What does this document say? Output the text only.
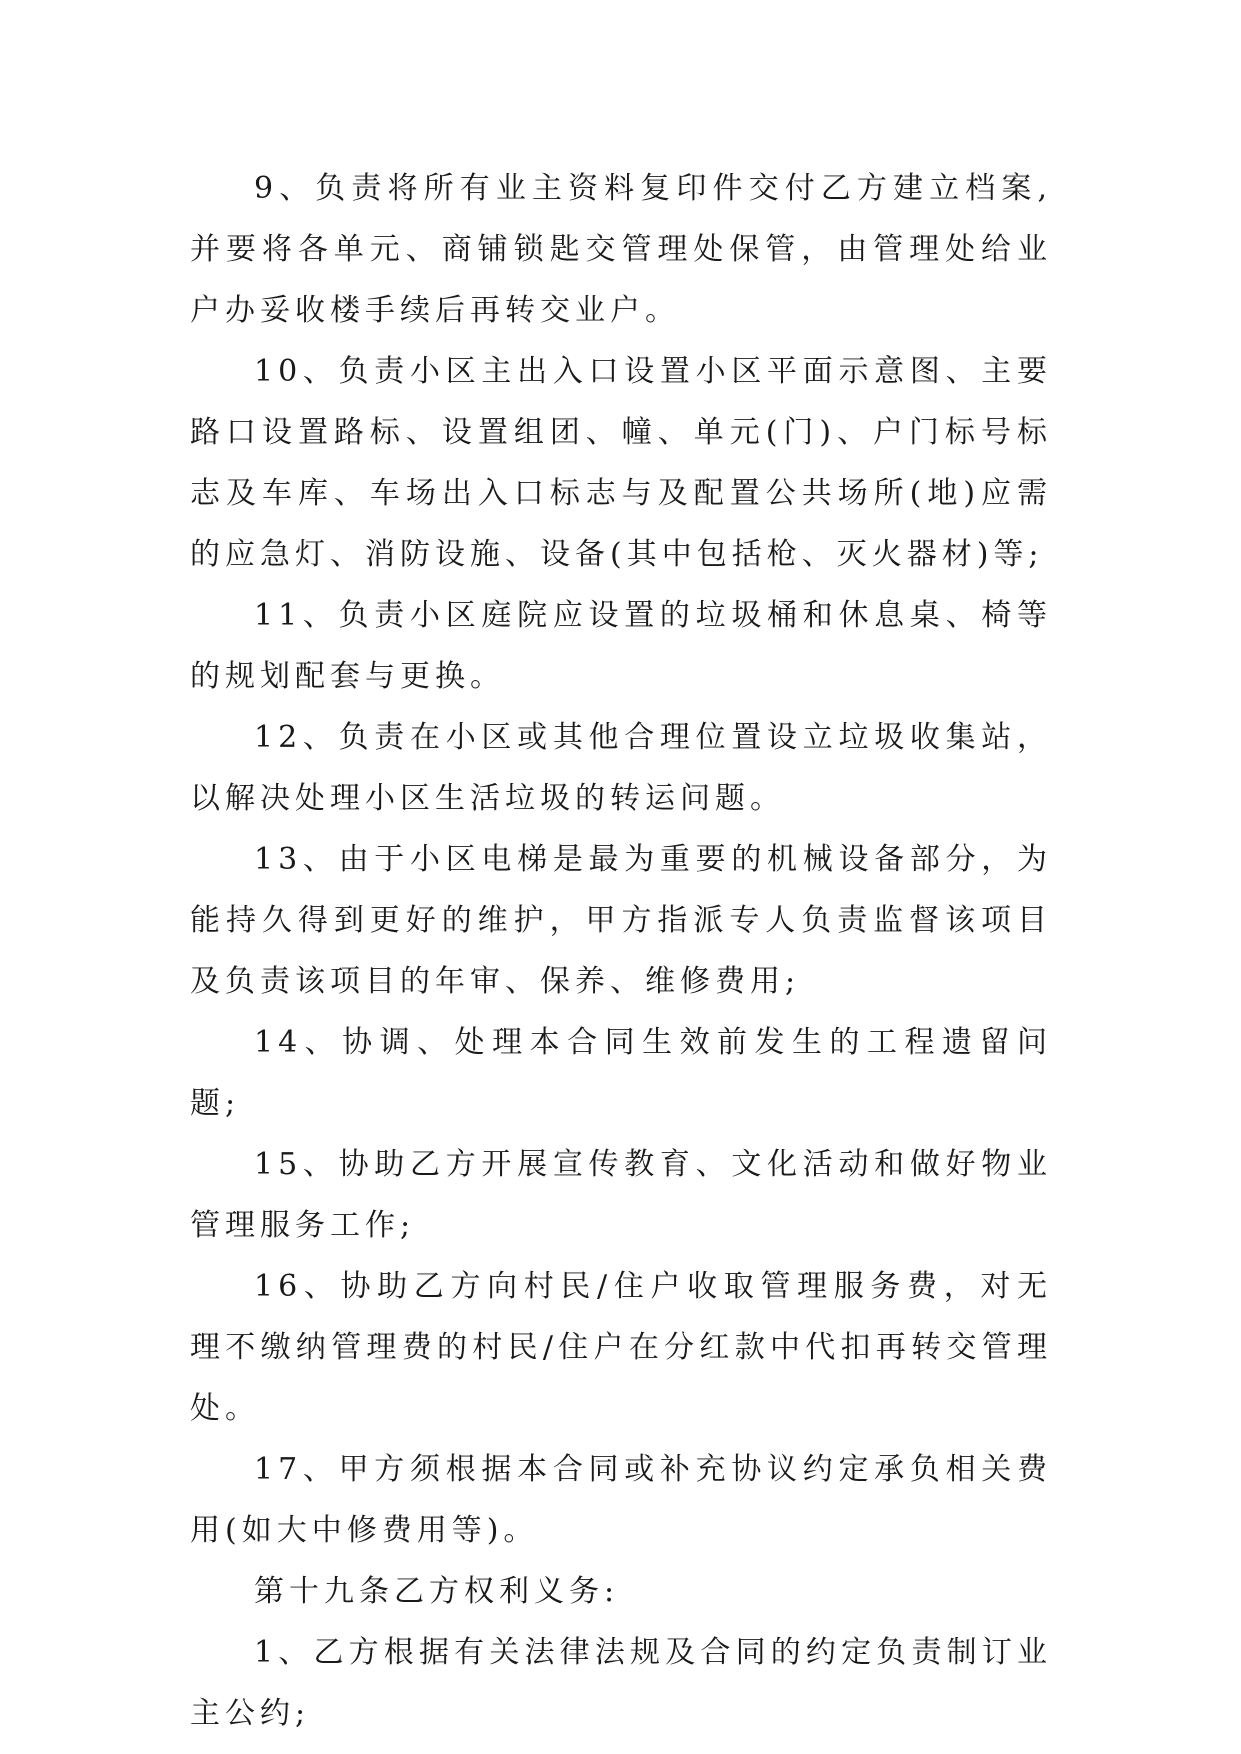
9、负责将所有业主资料复印件交付乙方建立档案,并要将各单元、商铺锁匙交管理处保管，由管理处给业户办妥收楼手续后再转交业户。

10、负责小区主出入口设置小区平面示意图、主要路口设置路标、设置组团、幢、单元(门)、户门标号标志及车库、车场出入口标志与及配置公共场所(地)应需的应急灯、消防设施、设备(其中包括枪、灭火器材)等;

11、负责小区庭院应设置的垃圾桶和休息桌、椅等的规划配套与更换。

12、负责在小区或其他合理位置设立垃圾收集站，以解决处理小区生活垃圾的转运问题。

13、由于小区电梯是最为重要的机械设备部分，为能持久得到更好的维护，甲方指派专人负责监督该项目及负责该项目的年审、保养、维修费用;

14、协调、处理本合同生效前发生的工程遗留问题;

15、协助乙方开展宣传教育、文化活动和做好物业管理服务工作;

16、协助乙方向村民/住户收取管理服务费，对无理不缴纳管理费的村民/住户在分红款中代扣再转交管理处。

17、甲方须根据本合同或补充协议约定承负相关费用(如大中修费用等)。

第十九条乙方权利义务:

1、乙方根据有关法律法规及合同的约定负责制订业主公约;
